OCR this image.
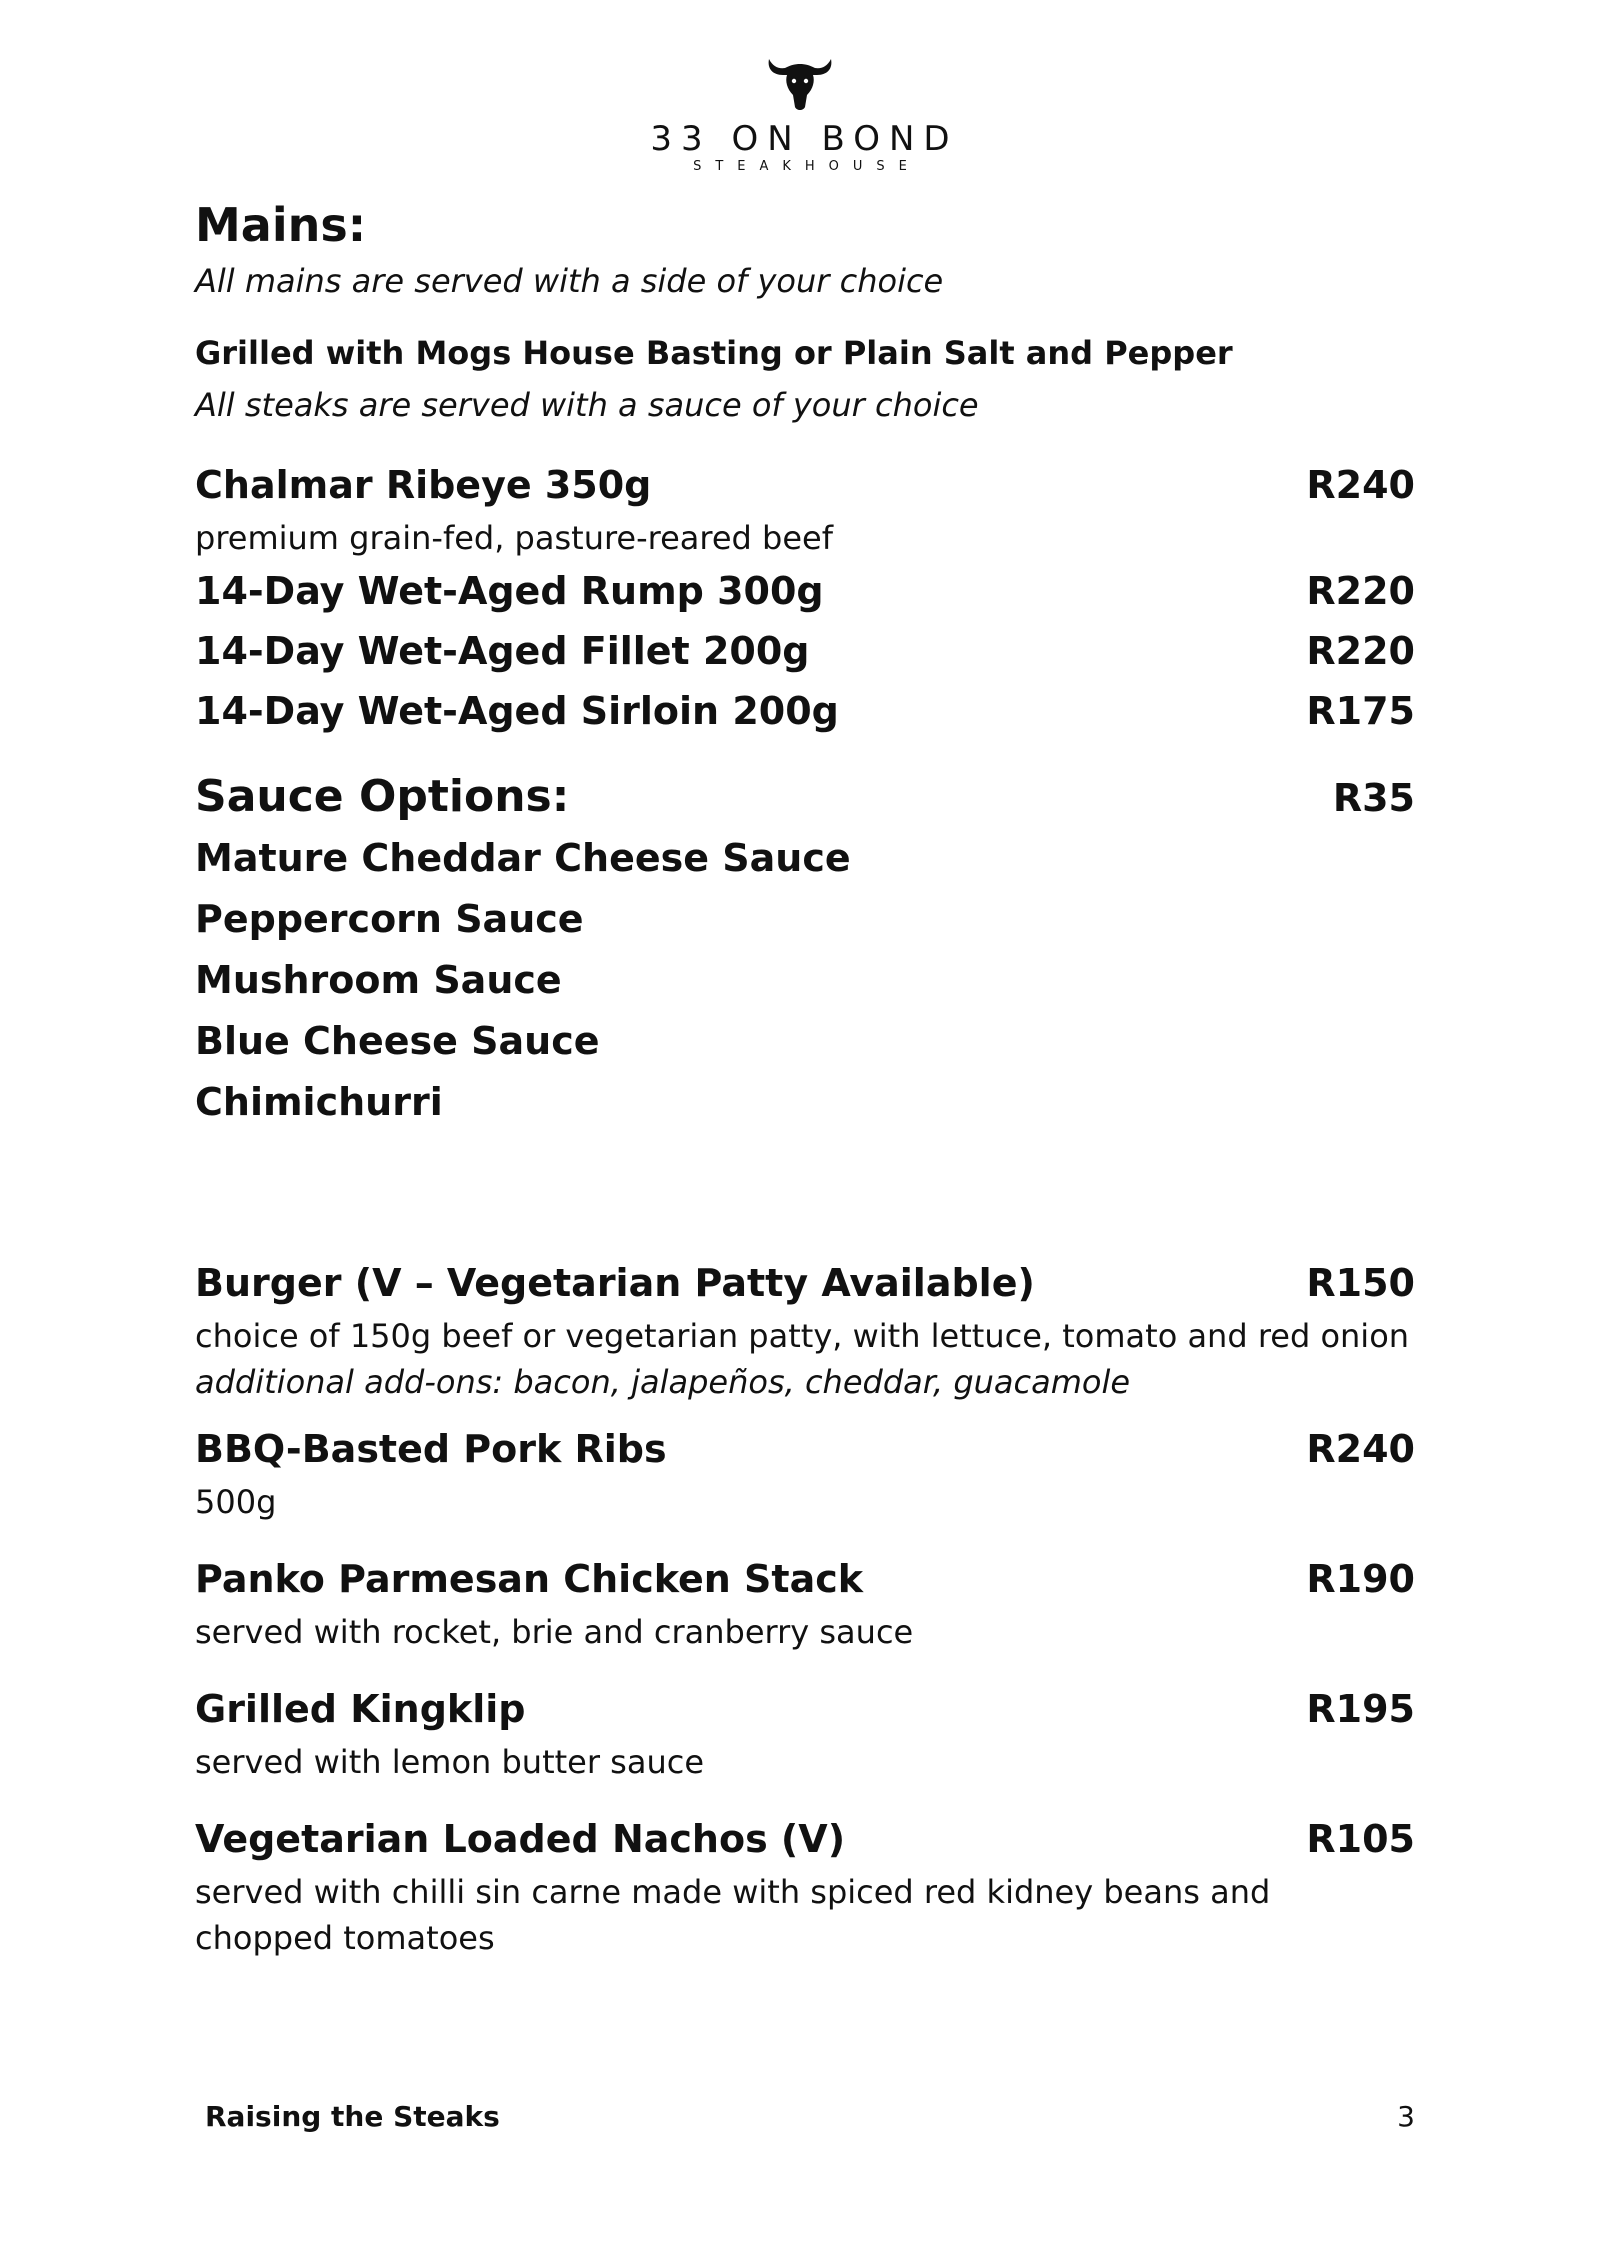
33 ON BOND
STEAKHOUSE
Mains:
All mains are served with a side of your choice
Grilled with Mogs House Basting or Plain Salt and Pepper
All steaks are served with a sauce of your choice
Chalmar Ribeye 350g	R240
premium grain-fed, pasture-reared beef
14-Day Wet-Aged Rump 300g	R220
14-Day Wet-Aged Fillet 200g	R220
14-Day Wet-Aged Sirloin 200g	R175
Sauce Options:	R35
Mature Cheddar Cheese Sauce
Peppercorn Sauce
Mushroom Sauce
Blue Cheese Sauce
Chimichurri
Burger (V – Vegetarian Patty Available)	R150
choice of 150g beef or vegetarian patty, with lettuce, tomato and red onion
additional add-ons: bacon, jalapeños, cheddar, guacamole
BBQ-Basted Pork Ribs	R240
500g
Panko Parmesan Chicken Stack	R190
served with rocket, brie and cranberry sauce
Grilled Kingklip	R195
served with lemon butter sauce
Vegetarian Loaded Nachos (V)	R105
served with chilli sin carne made with spiced red kidney beans and chopped tomatoes
Raising the Steaks	3
